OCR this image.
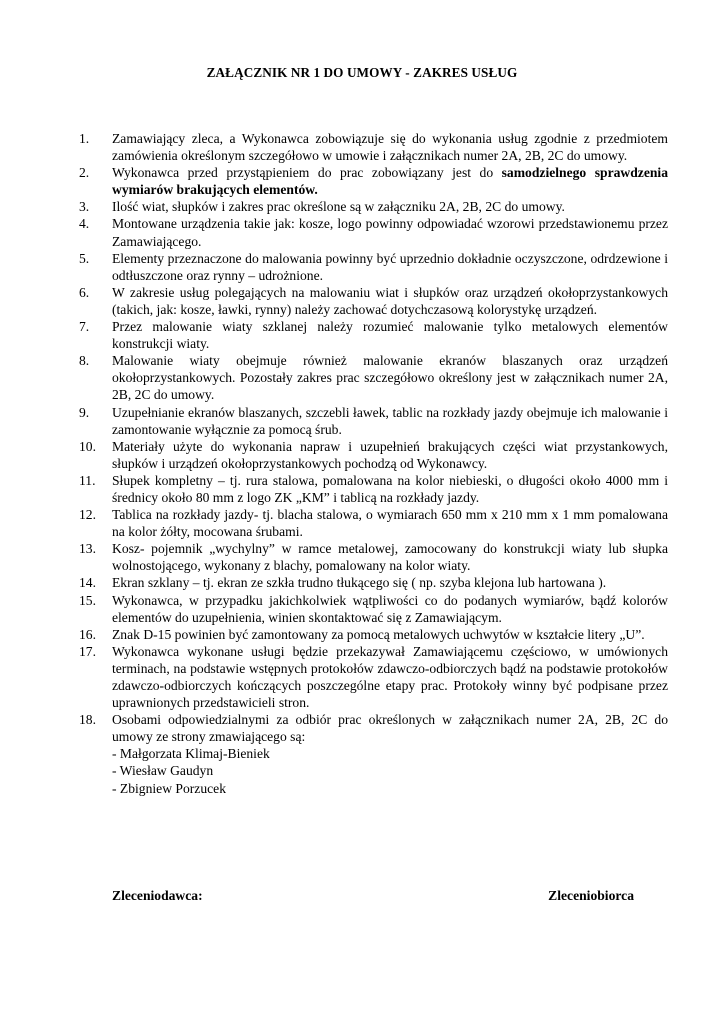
ZAŁĄCZNIK NR 1 DO UMOWY - ZAKRES USŁUG
1.	Zamawiający zleca, a Wykonawca zobowiązuje się do wykonania usług zgodnie z przedmiotem zamówienia określonym szczegółowo w umowie i załącznikach numer 2A, 2B, 2C do umowy.
2.	Wykonawca przed przystąpieniem do prac zobowiązany jest do samodzielnego sprawdzenia wymiarów brakujących elementów.
3.	Ilość wiat, słupków i zakres prac określone są w załączniku 2A, 2B, 2C do umowy.
4.	Montowane urządzenia takie jak: kosze, logo powinny odpowiadać wzorowi przedstawionemu przez Zamawiającego.
5.	Elementy przeznaczone do malowania powinny być uprzednio dokładnie oczyszczone, odrdzewione i odtłuszczone oraz rynny – udrożnione.
6.	W zakresie usług polegających na malowaniu wiat i słupków oraz urządzeń okołoprzystankowych (takich, jak: kosze, ławki, rynny) należy zachować dotychczasową kolorystykę urządzeń.
7.	Przez malowanie wiaty szklanej należy rozumieć malowanie tylko metalowych elementów konstrukcji wiaty.
8.	Malowanie wiaty obejmuje również malowanie ekranów blaszanych oraz urządzeń okołoprzystankowych. Pozostały zakres prac szczegółowo określony jest w załącznikach numer 2A, 2B, 2C do umowy.
9.	Uzupełnianie ekranów blaszanych, szczebli ławek, tablic na rozkłady jazdy obejmuje ich malowanie i zamontowanie wyłącznie za pomocą śrub.
10.	Materiały użyte do wykonania napraw i uzupełnień brakujących części wiat przystankowych, słupków i urządzeń okołoprzystankowych pochodzą od Wykonawcy.
11.	Słupek kompletny – tj. rura stalowa, pomalowana na kolor niebieski, o długości około 4000 mm i średnicy około 80 mm z logo ZK „KM” i tablicą na rozkłady jazdy.
12.	Tablica na rozkłady jazdy- tj. blacha stalowa, o wymiarach 650 mm x 210 mm x 1 mm pomalowana na kolor żółty, mocowana śrubami.
13.	Kosz- pojemnik „wychylny” w ramce metalowej, zamocowany do konstrukcji wiaty lub słupka wolnostojącego, wykonany z blachy, pomalowany na kolor wiaty.
14.	Ekran szklany – tj. ekran ze szkła trudno tłukącego się ( np. szyba klejona lub hartowana ).
15.	Wykonawca, w przypadku jakichkolwiek wątpliwości co do podanych wymiarów, bądź kolorów elementów do uzupełnienia, winien skontaktować się z Zamawiającym.
16.	Znak D-15 powinien być zamontowany za pomocą metalowych uchwytów w kształcie litery „U”.
17.	Wykonawca wykonane usługi będzie przekazywał Zamawiającemu częściowo, w umówionych terminach, na podstawie wstępnych protokołów zdawczo-odbiorczych bądź na podstawie protokołów zdawczo-odbiorczych kończących poszczególne etapy prac. Protokoły winny być podpisane przez uprawnionych przedstawicieli stron.
18.	Osobami odpowiedzialnymi za odbiór prac określonych w załącznikach numer 2A, 2B, 2C do umowy ze strony zmawiającego są:
- Małgorzata Klimaj-Bieniek
- Wiesław Gaudyn
- Zbigniew Porzucek
Zleceniodawca:	Zleceniobiorca
